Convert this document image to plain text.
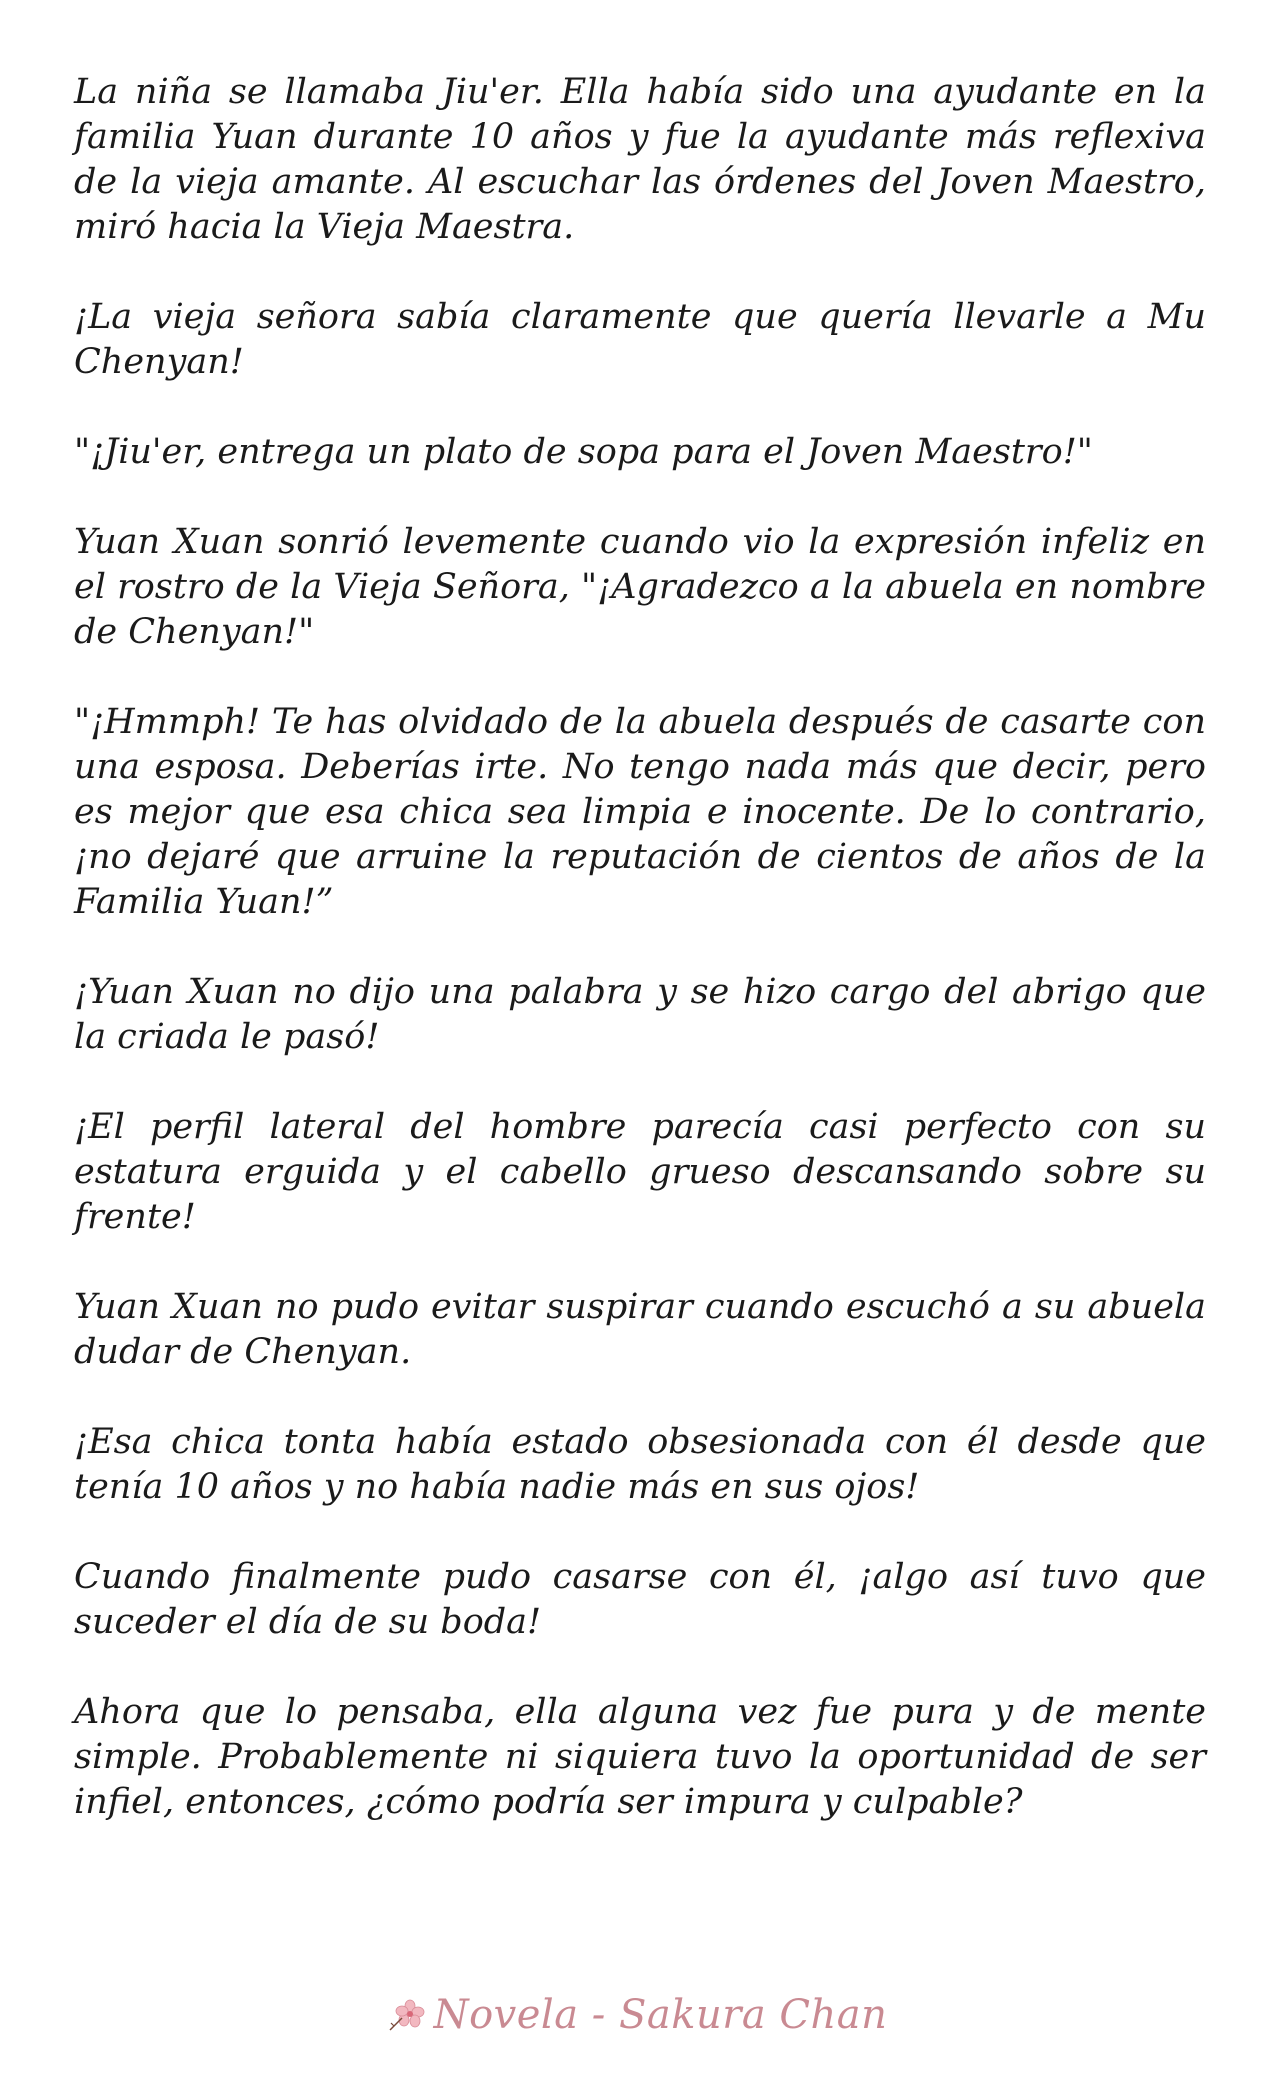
La niña se llamaba Jiu'er. Ella había sido una ayudante en la familia Yuan durante 10 años y fue la ayudante más reflexiva de la vieja amante. Al escuchar las órdenes del Joven Maestro, miró hacia la Vieja Maestra.

¡La vieja señora sabía claramente que quería llevarle a Mu Chenyan!

"¡Jiu'er, entrega un plato de sopa para el Joven Maestro!"

Yuan Xuan sonrió levemente cuando vio la expresión infeliz en el rostro de la Vieja Señora, "¡Agradezco a la abuela en nombre de Chenyan!"

"¡Hmmph! Te has olvidado de la abuela después de casarte con una esposa. Deberías irte. No tengo nada más que decir, pero es mejor que esa chica sea limpia e inocente. De lo contrario, ¡no dejaré que arruine la reputación de cientos de años de la Familia Yuan!”

¡Yuan Xuan no dijo una palabra y se hizo cargo del abrigo que la criada le pasó!

¡El perfil lateral del hombre parecía casi perfecto con su estatura erguida y el cabello grueso descansando sobre su frente!

Yuan Xuan no pudo evitar suspirar cuando escuchó a su abuela dudar de Chenyan.

¡Esa chica tonta había estado obsesionada con él desde que tenía 10 años y no había nadie más en sus ojos!

Cuando finalmente pudo casarse con él, ¡algo así tuvo que suceder el día de su boda!

Ahora que lo pensaba, ella alguna vez fue pura y de mente simple. Probablemente ni siquiera tuvo la oportunidad de ser infiel, entonces, ¿cómo podría ser impura y culpable?

Novela - Sakura Chan
